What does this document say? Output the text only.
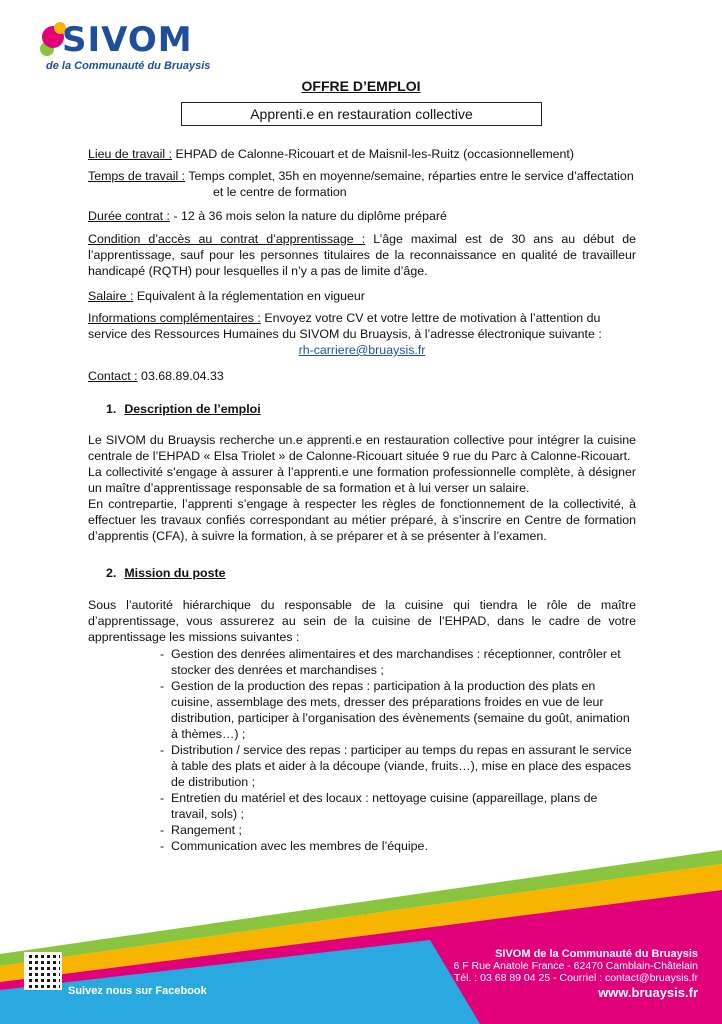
SIVOM
de la Communauté du Bruaysis
OFFRE D’EMPLOI
Apprenti.e en restauration collective
Lieu de travail : EHPAD de Calonne-Ricouart et de Maisnil-les-Ruitz (occasionnellement)
Temps de travail : Temps complet, 35h en moyenne/semaine, réparties entre le service d’affectation
et le centre de formation
Durée contrat : - 12 à 36 mois selon la nature du diplôme préparé
Condition d’accès au contrat d’apprentissage : L’âge maximal est de 30 ans au début de l’apprentissage, sauf pour les personnes titulaires de la reconnaissance en qualité de travailleur handicapé (RQTH) pour lesquelles il n’y a pas de limite d’âge.
Salaire : Equivalent à la réglementation en vigueur
Informations complémentaires : Envoyez votre CV et votre lettre de motivation à l’attention du service des Ressources Humaines du SIVOM du Bruaysis, à l’adresse électronique suivante :
rh-carriere@bruaysis.fr
Contact : 03.68.89.04.33
1. Description de l’emploi
Le SIVOM du Bruaysis recherche un.e apprenti.e en restauration collective pour intégrer la cuisine centrale de l’EHPAD « Elsa Triolet » de Calonne-Ricouart située 9 rue du Parc à Calonne-Ricouart.
La collectivité s’engage à assurer à l’apprenti.e une formation professionnelle complète, à désigner un maître d’apprentissage responsable de sa formation et à lui verser un salaire.
En contrepartie, l’apprenti s’engage à respecter les règles de fonctionnement de la collectivité, à effectuer les travaux confiés correspondant au métier préparé, à s’inscrire en Centre de formation d’apprentis (CFA), à suivre la formation, à se préparer et à se présenter à l’examen.
2. Mission du poste
Sous l’autorité hiérarchique du responsable de la cuisine qui tiendra le rôle de maître d’apprentissage, vous assurerez au sein de la cuisine de l’EHPAD, dans le cadre de votre apprentissage les missions suivantes :
- Gestion des denrées alimentaires et des marchandises : réceptionner, contrôler et stocker des denrées et marchandises ;
- Gestion de la production des repas : participation à la production des plats en cuisine, assemblage des mets, dresser des préparations froides en vue de leur distribution, participer à l’organisation des évènements (semaine du goût, animation à thèmes…) ;
- Distribution / service des repas : participer au temps du repas en assurant le service à table des plats et aider à la découpe (viande, fruits…), mise en place des espaces de distribution ;
- Entretien du matériel et des locaux : nettoyage cuisine (appareillage, plans de travail, sols) ;
- Rangement ;
- Communication avec les membres de l’équipe.
Suivez nous sur Facebook
SIVOM de la Communauté du Bruaysis
6 F Rue Anatole France - 62470 Camblain-Châtelain
Tél. : 03 68 89 04 25 - Courriel : contact@bruaysis.fr
www.bruaysis.fr
